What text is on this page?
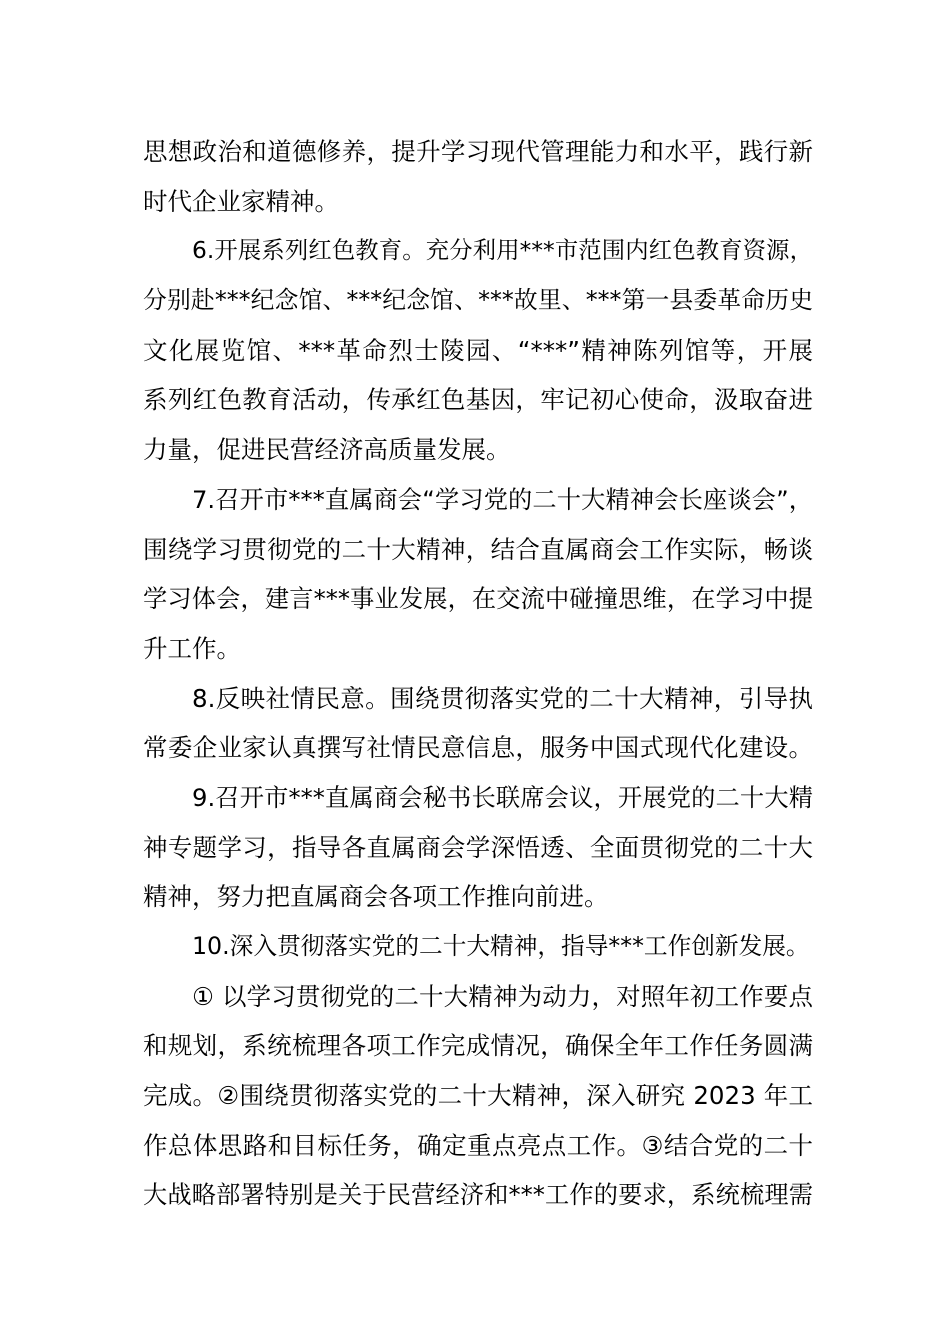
思想政治和道德修养，提升学习现代管理能力和水平，践行新
时代企业家精神。
6.开展系列红色教育。充分利用***市范围内红色教育资源，
分别赴***纪念馆、***纪念馆、***故里、***第一县委革命历史
文化展览馆、***革命烈士陵园、“***”精神陈列馆等，开展
系列红色教育活动，传承红色基因，牢记初心使命，汲取奋进
力量，促进民营经济高质量发展。
7.召开市***直属商会“学习党的二十大精神会长座谈会”，
围绕学习贯彻党的二十大精神，结合直属商会工作实际，畅谈
学习体会，建言***事业发展，在交流中碰撞思维，在学习中提
升工作。
8.反映社情民意。围绕贯彻落实党的二十大精神，引导执
常委企业家认真撰写社情民意信息，服务中国式现代化建设。
9.召开市***直属商会秘书长联席会议，开展党的二十大精
神专题学习，指导各直属商会学深悟透、全面贯彻党的二十大
精神，努力把直属商会各项工作推向前进。
10.深入贯彻落实党的二十大精神，指导***工作创新发展。
① 以学习贯彻党的二十大精神为动力，对照年初工作要点
和规划，系统梳理各项工作完成情况，确保全年工作任务圆满
完成。②围绕贯彻落实党的二十大精神，深入研究 2023 年工
作总体思路和目标任务，确定重点亮点工作。③结合党的二十
大战略部署特别是关于民营经济和***工作的要求，系统梳理需
